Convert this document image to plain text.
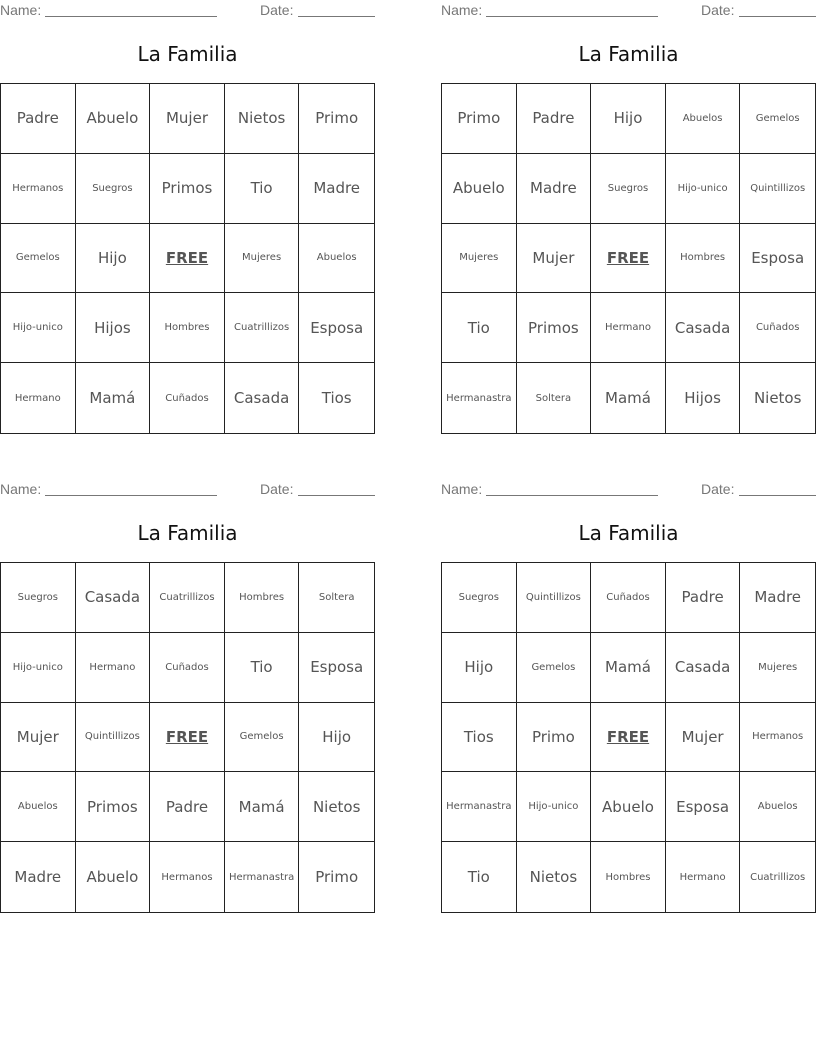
Name:	Date:
La Familia
Padre	Abuelo	Mujer	Nietos	Primo
Hermanos	Suegros	Primos	Tio	Madre
Gemelos	Hijo	FREE	Mujeres	Abuelos
Hijo-unico	Hijos	Hombres	Cuatrillizos	Esposa
Hermano	Mamá	Cuñados	Casada	Tios
Name:	Date:
La Familia
Primo	Padre	Hijo	Abuelos	Gemelos
Abuelo	Madre	Suegros	Hijo-unico	Quintillizos
Mujeres	Mujer	FREE	Hombres	Esposa
Tio	Primos	Hermano	Casada	Cuñados
Hermanastra	Soltera	Mamá	Hijos	Nietos
Name:	Date:
La Familia
Suegros	Casada	Cuatrillizos	Hombres	Soltera
Hijo-unico	Hermano	Cuñados	Tio	Esposa
Mujer	Quintillizos	FREE	Gemelos	Hijo
Abuelos	Primos	Padre	Mamá	Nietos
Madre	Abuelo	Hermanos	Hermanastra	Primo
Name:	Date:
La Familia
Suegros	Quintillizos	Cuñados	Padre	Madre
Hijo	Gemelos	Mamá	Casada	Mujeres
Tios	Primo	FREE	Mujer	Hermanos
Hermanastra	Hijo-unico	Abuelo	Esposa	Abuelos
Tio	Nietos	Hombres	Hermano	Cuatrillizos
